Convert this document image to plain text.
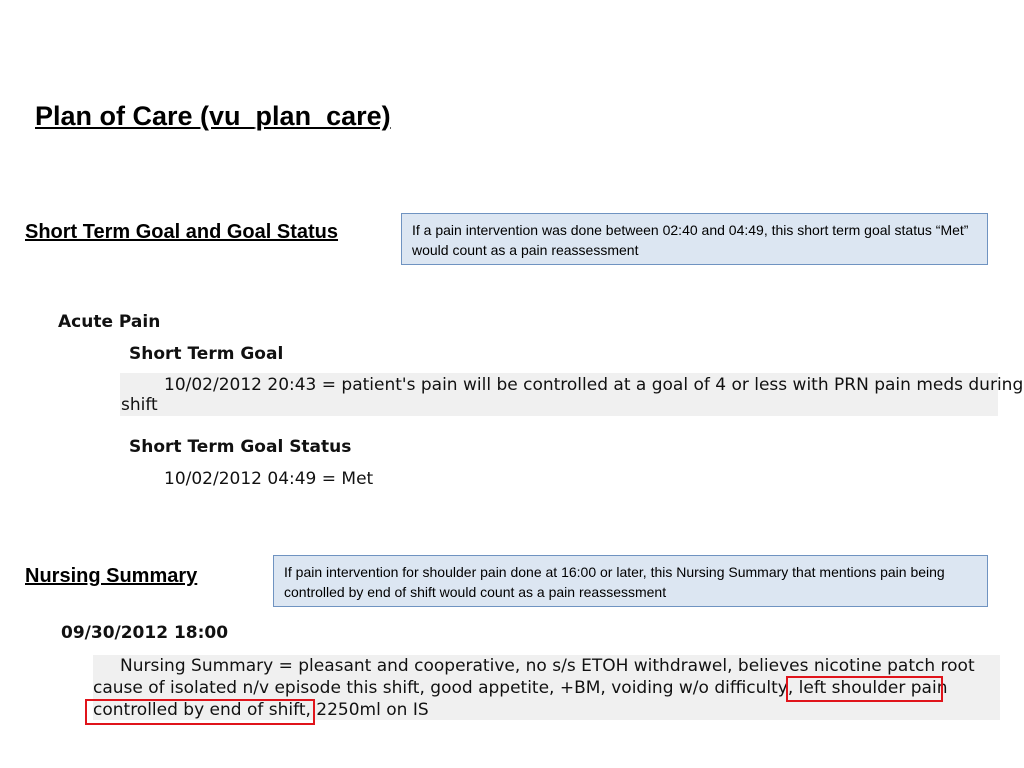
Plan of Care (vu_plan_care)
Short Term Goal and Goal Status	If a pain intervention was done between 02:40 and 04:49, this short term goal status “Met” would count as a pain reassessment
Acute Pain
Short Term Goal
10/02/2012 20:43 = patient's pain will be controlled at a goal of 4 or less with PRN pain meds during
shift
Short Term Goal Status
10/02/2012 04:49 = Met
Nursing Summary	If pain intervention for shoulder pain done at 16:00 or later, this Nursing Summary that mentions pain being controlled by end of shift would count as a pain reassessment
09/30/2012 18:00
Nursing Summary = pleasant and cooperative, no s/s ETOH withdrawel, believes nicotine patch root
cause of isolated n/v episode this shift, good appetite, +BM, voiding w/o difficulty, left shoulder pain
controlled by end of shift, 2250ml on IS
